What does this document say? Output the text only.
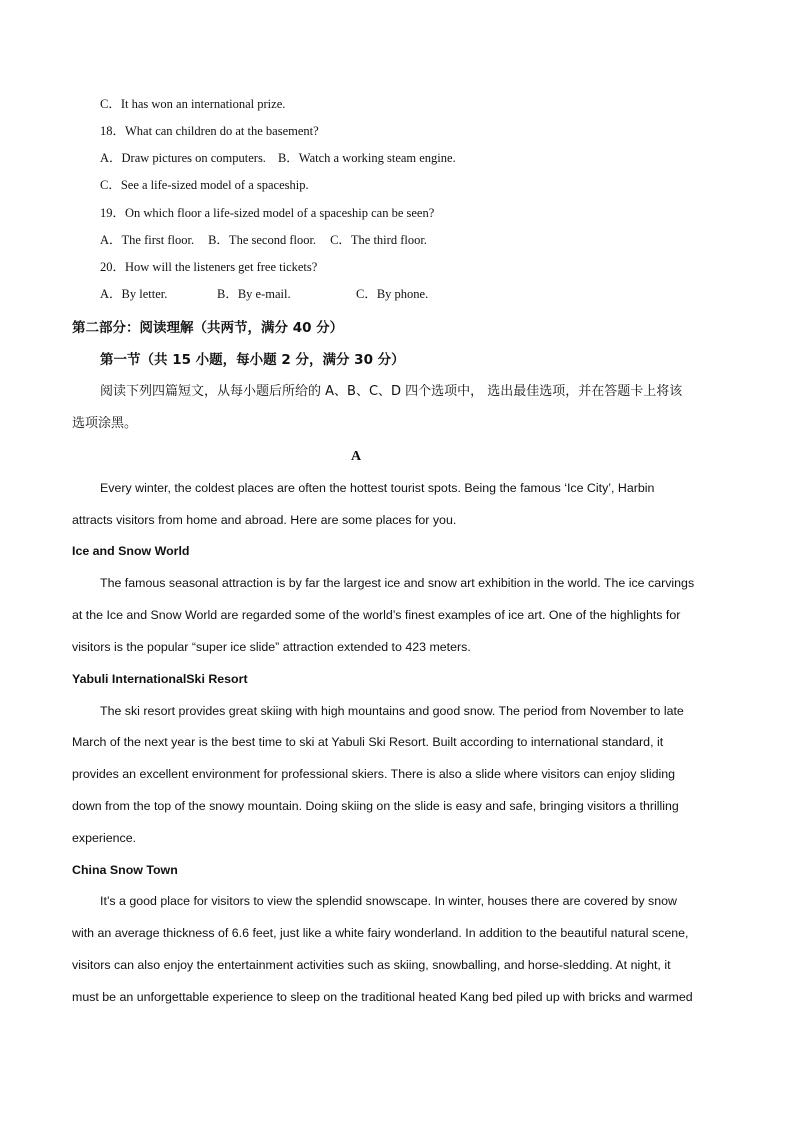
C．It has won an international prize.
18．What can children do at the basement?
A．Draw pictures on computers. B．Watch a working steam engine.
C．See a life-sized model of a spaceship.
19．On which floor a life-sized model of a spaceship can be seen?
A．The first floor. B．The second floor. C．The third floor.
20．How will the listeners get free tickets?
A．By letter.	B．By e-mail.	C．By phone.
第二部分：阅读理解（共两节，满分 40 分）
第一节（共 15 小题，每小题 2 分，满分 30 分）
阅读下列四篇短文，从每小题后所给的 A、B、C、D 四个选项中， 选出最佳选项，并在答题卡上将该
选项涂黑。
A
Every winter, the coldest places are often the hottest tourist spots. Being the famous ‘Ice City’, Harbin
attracts visitors from home and abroad. Here are some places for you.
Ice and Snow World
The famous seasonal attraction is by far the largest ice and snow art exhibition in the world. The ice carvings
at the Ice and Snow World are regarded some of the world’s finest examples of ice art. One of the highlights for
visitors is the popular “super ice slide” attraction extended to 423 meters.
Yabuli InternationalSki Resort
The ski resort provides great skiing with high mountains and good snow. The period from November to late
March of the next year is the best time to ski at Yabuli Ski Resort. Built according to international standard, it
provides an excellent environment for professional skiers. There is also a slide where visitors can enjoy sliding
down from the top of the snowy mountain. Doing skiing on the slide is easy and safe, bringing visitors a thrilling
experience.
China Snow Town
It’s a good place for visitors to view the splendid snowscape. In winter, houses there are covered by snow
with an average thickness of 6.6 feet, just like a white fairy wonderland. In addition to the beautiful natural scene,
visitors can also enjoy the entertainment activities such as skiing, snowballing, and horse-sledding. At night, it
must be an unforgettable experience to sleep on the traditional heated Kang bed piled up with bricks and warmed
